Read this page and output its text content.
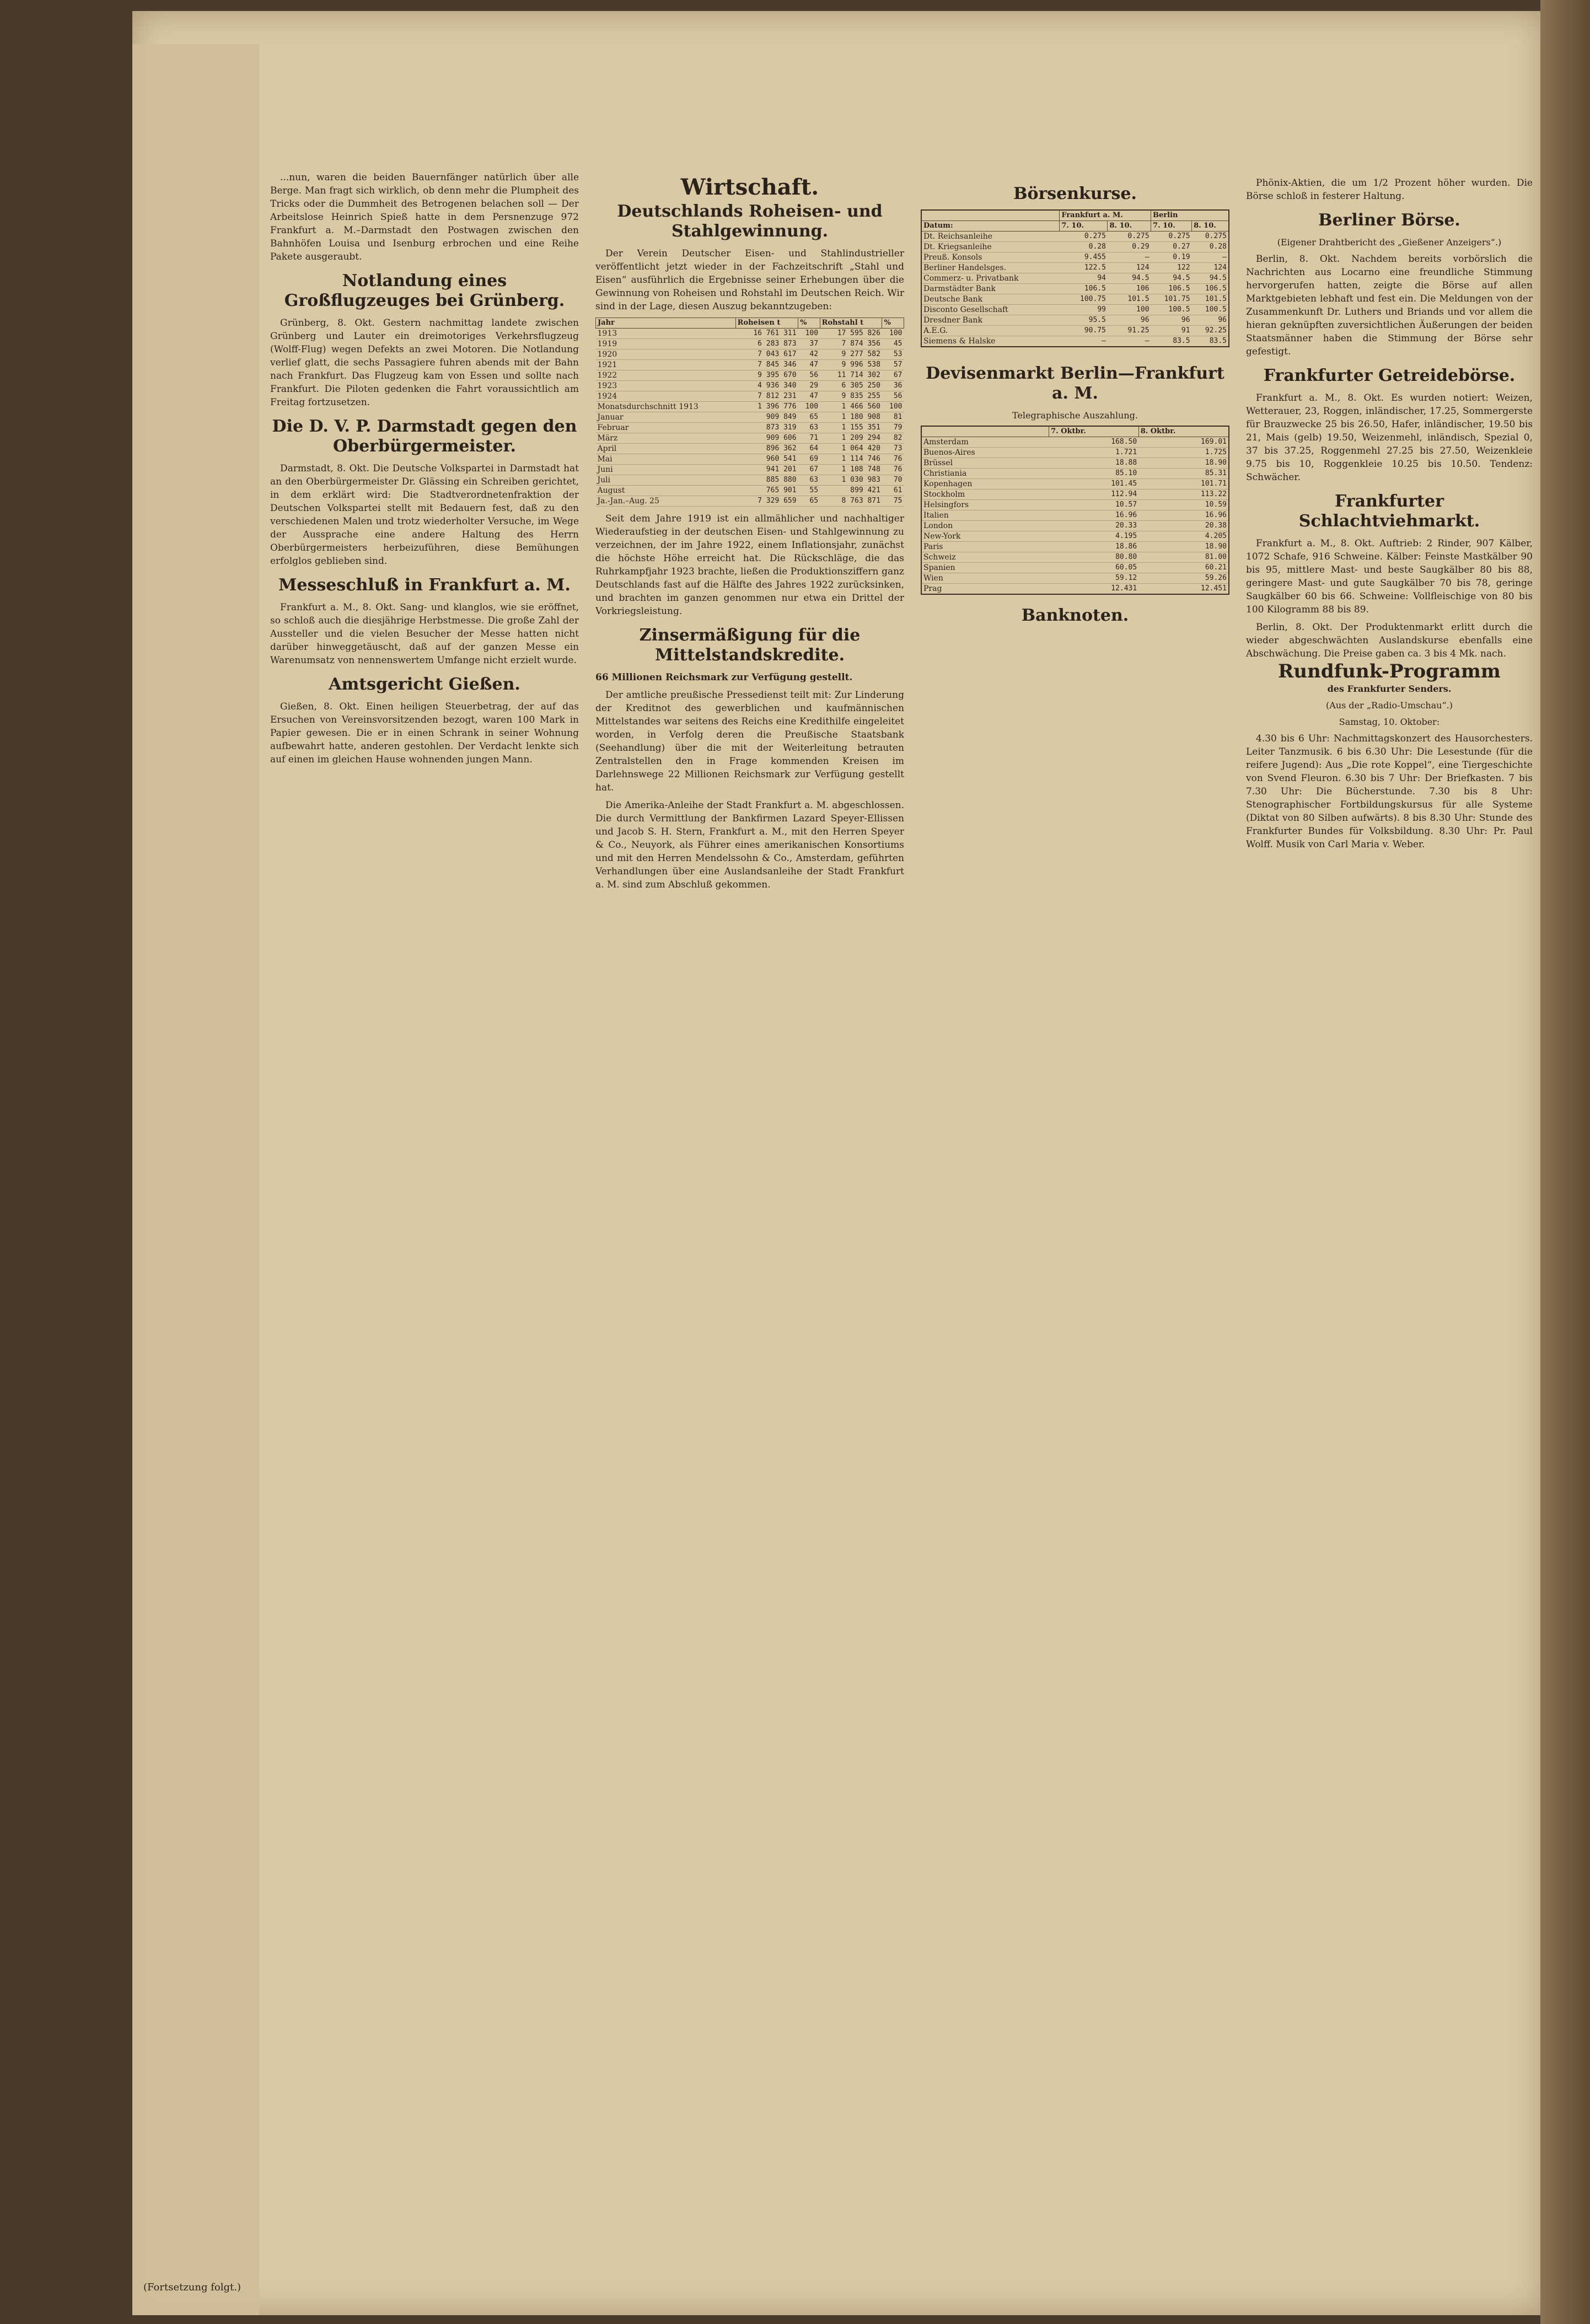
...nun, waren die beiden Bauernfänger natürlich über alle Berge. Man fragt sich wirklich, ob denn mehr die Plumpheit des Tricks oder die Dummheit des Betrogenen belachen soll — Der Arbeitslose Heinrich Spieß hatte in dem Persnenzuge 972 Frankfurt a. M.–Darmstadt den Postwagen zwischen den Bahnhöfen Louisa und Isenburg erbrochen und eine Reihe Pakete ausgeraubt.

Notlandung eines Großflugzeuges bei Grünberg.

Grünberg, 8. Okt. Gestern nachmittag landete zwischen Grünberg und Lauter ein dreimotoriges Verkehrsflugzeug (Wolff-Flug) wegen Defekts an zwei Motoren. Die Notlandung verlief glatt, die sechs Passagiere fuhren abends mit der Bahn nach Frankfurt. Das Flugzeug kam von Essen und sollte nach Frankfurt. Die Piloten gedenken die Fahrt voraussichtlich am Freitag fortzusetzen.

Die D. V. P. Darmstadt gegen den Oberbürgermeister.

Darmstadt, 8. Okt. Die Deutsche Volkspartei in Darmstadt hat an den Oberbürgermeister Dr. Glässing ein Schreiben gerichtet, in dem erklärt wird: Die Stadtverordnetenfraktion der Deutschen Volkspartei stellt mit Bedauern fest, daß zu den verschiedenen Malen und trotz wiederholter Versuche, im Wege der Aussprache eine andere Haltung des Herrn Oberbürgermeisters herbeizuführen, diese Bemühungen erfolglos geblieben sind.

Messeschluß in Frankfurt a. M.

Frankfurt a. M., 8. Okt. Sang- und klanglos, wie sie eröffnet, so schloß auch die diesjährige Herbstmesse. Die große Zahl der Aussteller und die vielen Besucher der Messe hatten nicht darüber hinweggetäuscht, daß auf der ganzen Messe ein Warenumsatz von nennenswertem Umfange nicht erzielt wurde.

Amtsgericht Gießen.

Gießen, 8. Okt. Einen heiligen Steuerbetrag, der auf das Ersuchen von Vereinsvorsitzenden bezogt, waren 100 Mark in Papier gewesen. Die er in einen Schrank in seiner Wohnung aufbewahrt hatte, anderen gestohlen. Der Verdacht lenkte sich auf einen im gleichen Hause wohnenden jungen Mann.

Wirtschaft.
Deutschlands Roheisen- und Stahlgewinnung.

Der Verein Deutscher Eisen- und Stahlindustrieller veröffentlicht jetzt wieder in der Fachzeitschrift „Stahl und Eisen“ ausführlich die Ergebnisse seiner Erhebungen über die Gewinnung von Roheisen und Rohstahl im Deutschen Reich. Wir sind in der Lage, diesen Auszug bekanntzugeben:

Jahr	Roheisen t	%	Rohstahl t	%
1913	16 761 311	100	17 595 826	100
1919	6 283 873	37	7 874 356	45
1920	7 043 617	42	9 277 582	53
1921	7 845 346	47	9 996 538	57
1922	9 395 670	56	11 714 302	67
1923	4 936 340	29	6 305 250	36
1924	7 812 231	47	9 835 255	56
Monatsdurchschnitt 1913	1 396 776	100	1 466 560	100
Januar	909 849	65	1 180 908	81
Februar	873 319	63	1 155 351	79
März	909 606	71	1 209 294	82
April	896 362	64	1 064 420	73
Mai	960 541	69	1 114 746	76
Juni	941 201	67	1 108 748	76
Juli	885 880	63	1 030 983	70
August	765 901	55	899 421	61
Ja.-Jan.–Aug. 25	7 329 659	65	8 763 871	75

Seit dem Jahre 1919 ist ein allmählicher und nachhaltiger Wiederaufstieg in der deutschen Eisen- und Stahlgewinnung zu verzeichnen, der im Jahre 1922, einem Inflationsjahr, zunächst die höchste Höhe erreicht hat. Die Rückschläge, die das Ruhrkampfjahr 1923 brachte, ließen die Produktionsziffern ganz Deutschlands fast auf die Hälfte des Jahres 1922 zurücksinken, und brachten im ganzen genommen nur etwa ein Drittel der Vorkriegsleistung.

Zinsermäßigung für die Mittelstandskredite.

66 Millionen Reichsmark zur Verfügung gestellt.

Der amtliche preußische Pressedienst teilt mit: Zur Linderung der Kreditnot des gewerblichen und kaufmännischen Mittelstandes war seitens des Reichs eine Kredithilfe eingeleitet worden, in Verfolg deren die Preußische Staatsbank (Seehandlung) über die mit der Weiterleitung betrauten Zentralstellen den in Frage kommenden Kreisen im Darlehnswege 22 Millionen Reichsmark zur Verfügung gestellt hat.

Die Amerika-Anleihe der Stadt Frankfurt a. M. abgeschlossen. Die durch Vermittlung der Bankfirmen Lazard Speyer-Ellissen und Jacob S. H. Stern, Frankfurt a. M., mit den Herren Speyer & Co., Neuyork, als Führer eines amerikanischen Konsortiums und mit den Herren Mendelssohn & Co., Amsterdam, geführten Verhandlungen über eine Auslandsanleihe der Stadt Frankfurt a. M. sind zum Abschluß gekommen.

Börsenkurse.
	Frankfurt a. M.		Berlin	
Datum:	7. 10.	8. 10.	7. 10.	8. 10.
Dt. Reichsanleihe	0.275	0.275	0.275	0.275
Dt. Kriegsanleihe	0.28	0.29	0.27	0.28
Preuß. Konsols	9.455	—	0.19	—
Berliner Handelsges.	122.5	124	122	124
Commerz- u. Privatbank	94	94.5	94.5	94.5
Darmstädter Bank	106.5	106	106.5	106.5
Deutsche Bank	100.75	101.5	101.75	101.5
Disconto Gesellschaft	99	100	100.5	100.5
Dresdner Bank	95.5	96	96	96
A.E.G.	90.75	91.25	91	92.25
Siemens & Halske	—	—	83.5	83.5
Devisenmarkt Berlin—Frankfurt a. M.
Telegraphische Auszahlung.
	7. Oktbr.	8. Oktbr.
Amsterdam	168.50	169.01
Buenos-Aires	1.721	1.725
Brüssel	18.88	18.90
Christiania	85.10	85.31
Kopenhagen	101.45	101.71
Stockholm	112.94	113.22
Helsingfors	10.57	10.59
Italien	16.96	16.96
London	20.33	20.38
New-York	4.195	4.205
Paris	18.86	18.90
Schweiz	80.80	81.00
Spanien	60.05	60.21
Wien	59.12	59.26
Prag	12.431	12.451
Banknoten.

Phönix-Aktien, die um 1/2 Prozent höher wurden. Die Börse schloß in festerer Haltung.

Berliner Börse.
(Eigener Drahtbericht des „Gießener Anzeigers“.)

Berlin, 8. Okt. Nachdem bereits vorbörslich die Nachrichten aus Locarno eine freundliche Stimmung hervorgerufen hatten, zeigte die Börse auf allen Marktgebieten lebhaft und fest ein. Die Meldungen von der Zusammenkunft Dr. Luthers und Briands und vor allem die hieran geknüpften zuversichtlichen Äußerungen der beiden Staatsmänner haben die Stimmung der Börse sehr gefestigt.

Frankfurter Getreidebörse.

Frankfurt a. M., 8. Okt. Es wurden notiert: Weizen, Wetterauer, 23, Roggen, inländischer, 17.25, Sommergerste für Brauzwecke 25 bis 26.50, Hafer, inländischer, 19.50 bis 21, Mais (gelb) 19.50, Weizenmehl, inländisch, Spezial 0, 37 bis 37.25, Roggenmehl 27.25 bis 27.50, Weizenkleie 9.75 bis 10, Roggenkleie 10.25 bis 10.50. Tendenz: Schwächer.

Frankfurter Schlachtviehmarkt.

Frankfurt a. M., 8. Okt. Auftrieb: 2 Rinder, 907 Kälber, 1072 Schafe, 916 Schweine. Kälber: Feinste Mastkälber 90 bis 95, mittlere Mast- und beste Saugkälber 80 bis 88, geringere Mast- und gute Saugkälber 70 bis 78, geringe Saugkälber 60 bis 66. Schweine: Vollfleischige von 80 bis 100 Kilogramm 88 bis 89.

Berlin, 8. Okt. Der Produktenmarkt erlitt durch die wieder abgeschwächten Auslandskurse ebenfalls eine Abschwächung. Die Preise gaben ca. 3 bis 4 Mk. nach.

Rundfunk-Programm
des Frankfurter Senders.
(Aus der „Radio-Umschau“.)
Samstag, 10. Oktober:

4.30 bis 6 Uhr: Nachmittagskonzert des Hausorchesters. Leiter Tanzmusik. 6 bis 6.30 Uhr: Die Lesestunde (für die reifere Jugend): Aus „Die rote Koppel“, eine Tiergeschichte von Svend Fleuron. 6.30 bis 7 Uhr: Der Briefkasten. 7 bis 7.30 Uhr: Die Bücherstunde. 7.30 bis 8 Uhr: Stenographischer Fortbildungskursus für alle Systeme (Diktat von 80 Silben aufwärts). 8 bis 8.30 Uhr: Stunde des Frankfurter Bundes für Volksbildung. 8.30 Uhr: Pr. Paul Wolff. Musik von Carl Maria v. Weber.

(Fortsetzung folgt.)
